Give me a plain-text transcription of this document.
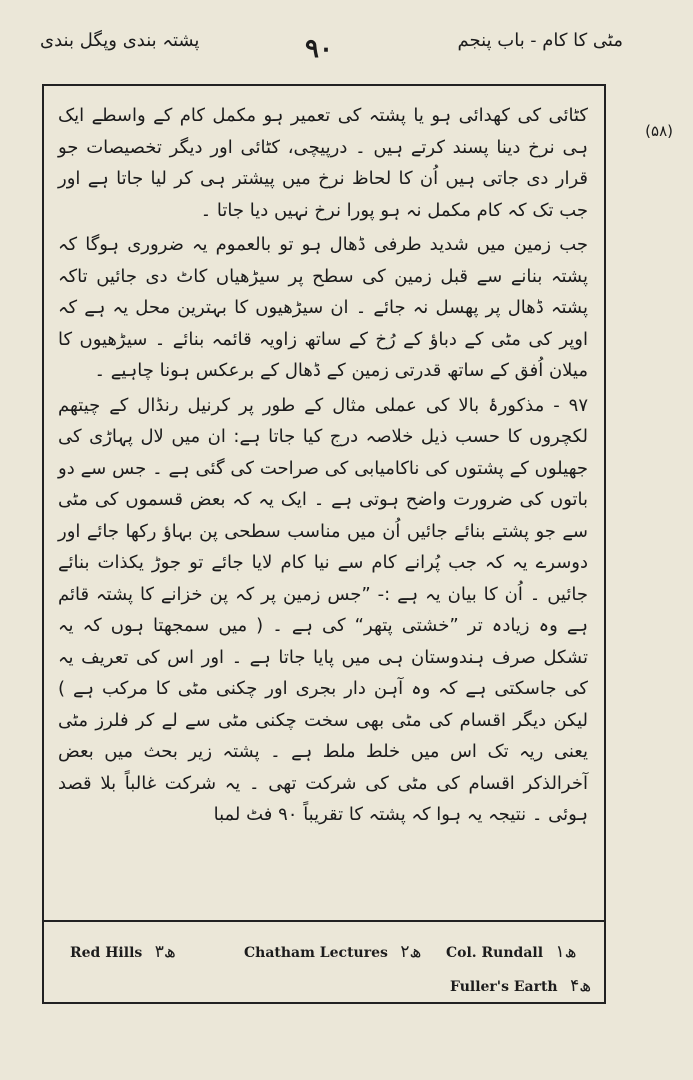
مٹی کا کام - باب پنجم
۹۰
پشتہ بندی وپگل بندی
(۵۸)

کٹائی کی کھدائی ہو یا پشتہ کی تعمیر ہو مکمل کام کے واسطے ایک ہی نرخ دینا پسند کرتے ہیں ۔ درپیچی، کٹائی اور دیگر تخصیصات جو قرار دی جاتی ہیں اُن کا لحاظ نرخ میں پیشتر ہی کر لیا جاتا ہے اور جب تک کہ کام مکمل نہ ہو پورا نرخ نہیں دیا جاتا ۔

جب زمین میں شدید طرفی ڈھال ہو تو بالعموم یہ ضروری ہوگا کہ پشتہ بنانے سے قبل زمین کی سطح پر سیڑھیاں کاٹ دی جائیں تاکہ پشتہ ڈھال پر پھسل نہ جائے ۔ ان سیڑھیوں کا بہترین محل یہ ہے کہ اوپر کی مٹی کے دباؤ کے رُخ کے ساتھ زاویہ قائمہ بنائے ۔ سیڑھیوں کا میلان اُفق کے ساتھ قدرتی زمین کے ڈھال کے برعکس ہونا چاہیے ۔

۹۷ - مذکورۂ بالا کی عملی مثال کے طور پر کرنیل رنڈال کے چیتھم لکچروں کا حسب ذیل خلاصہ درج کیا جاتا ہے: ان میں لال پہاڑی کی جھیلوں کے پشتوں کی ناکامیابی کی صراحت کی گئی ہے ۔ جس سے دو باتوں کی ضرورت واضح ہوتی ہے ۔ ایک یہ کہ بعض قسموں کی مٹی سے جو پشتے بنائے جائیں اُن میں مناسب سطحی پن بہاؤ رکھا جائے اور دوسرے یہ کہ جب پُرانے کام سے نیا کام لایا جائے تو جوڑ یکذات بنائے جائیں ۔ اُن کا بیان یہ ہے :- ”جس زمین پر کہ پن خزانے کا پشتہ قائم ہے وہ زیادہ تر ”خشتی پتھر“ کی ہے ۔ ( میں سمجھتا ہوں کہ یہ تشکل صرف ہندوستان ہی میں پایا جاتا ہے ۔ اور اس کی تعریف یہ کی جاسکتی ہے کہ وہ آہن دار بجری اور چکنی مٹی کا مرکب ہے ) لیکن دیگر اقسام کی مٹی بھی سخت چکنی مٹی سے لے کر فلرز مٹی یعنی ریہ تک اس میں خلط ملط ہے ۔ پشتہ زیر بحث میں بعض آخرالذکر اقسام کی مٹی کی شرکت تھی ۔ یہ شرکت غالباً بلا قصد ہوئی ۔ نتیجہ یہ ہوا کہ پشتہ کا تقریباً ۹۰ فٹ لمبا

Red Hills ۳ھ	Chatham Lectures ۲ھ Col. Rundall ۱ھ
Fuller's Earth ۴ھ
